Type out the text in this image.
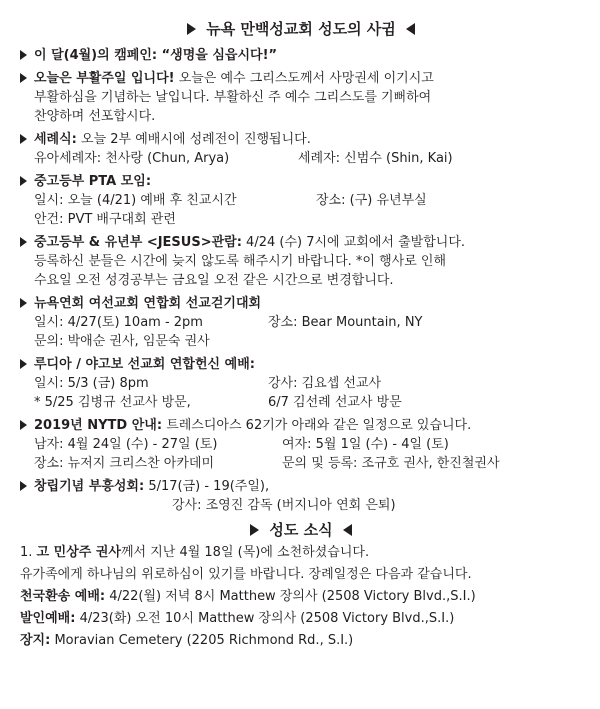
뉴욕 만백성교회 성도의 사귐
이 달(4월)의 캠페인: “생명을 심읍시다!”
오늘은 부활주일 입니다! 오늘은 예수 그리스도께서 사망권세 이기시고
부활하심을 기념하는 날입니다. 부활하신 주 예수 그리스도를 기뻐하여
찬양하며 선포합시다.
세례식: 오늘 2부 예배시에 성례전이 진행됩니다.
유아세례자: 천사랑 (Chun, Arya)	세례자: 신범수 (Shin, Kai)
중고등부 PTA 모임:
일시: 오늘 (4/21) 예배 후 친교시간	장소: (구) 유년부실
안건: PVT 배구대회 관련
중고등부 & 유년부 <JESUS>관람: 4/24 (수) 7시에 교회에서 출발합니다.
등록하신 분들은 시간에 늦지 않도록 해주시기 바랍니다. *이 행사로 인해
수요일 오전 성경공부는 금요일 오전 같은 시간으로 변경합니다.
뉴욕연회 여선교회 연합회 선교걷기대회
일시: 4/27(토) 10am - 2pm	장소: Bear Mountain, NY
문의: 박애순 권사, 임문숙 권사
루디아 / 야고보 선교회 연합헌신 예배:
일시: 5/3 (금) 8pm	강사: 김요셉 선교사
* 5/25 김병규 선교사 방문,	6/7 김선례 선교사 방문
2019년 NYTD 안내: 트레스디아스 62기가 아래와 같은 일정으로 있습니다.
남자: 4월 24일 (수) - 27일 (토)	여자: 5월 1일 (수) - 4일 (토)
장소: 뉴저지 크리스찬 아카데미	문의 및 등록: 조규호 권사, 한진철권사
창립기념 부흥성회: 5/17(금) - 19(주일),
강사: 조영진 감독 (버지니아 연회 은퇴)
성도 소식

1. 고 민상주 권사께서 지난 4월 18일 (목)에 소천하셨습니다.

유가족에게 하나님의 위로하심이 있기를 바랍니다. 장례일정은 다음과 같습니다.

천국환송 예배: 4/22(월) 저녁 8시 Matthew 장의사 (2508 Victory Blvd.,S.I.)

발인예배: 4/23(화) 오전 10시 Matthew 장의사 (2508 Victory Blvd.,S.I.)

장지: Moravian Cemetery (2205 Richmond Rd., S.I.)
